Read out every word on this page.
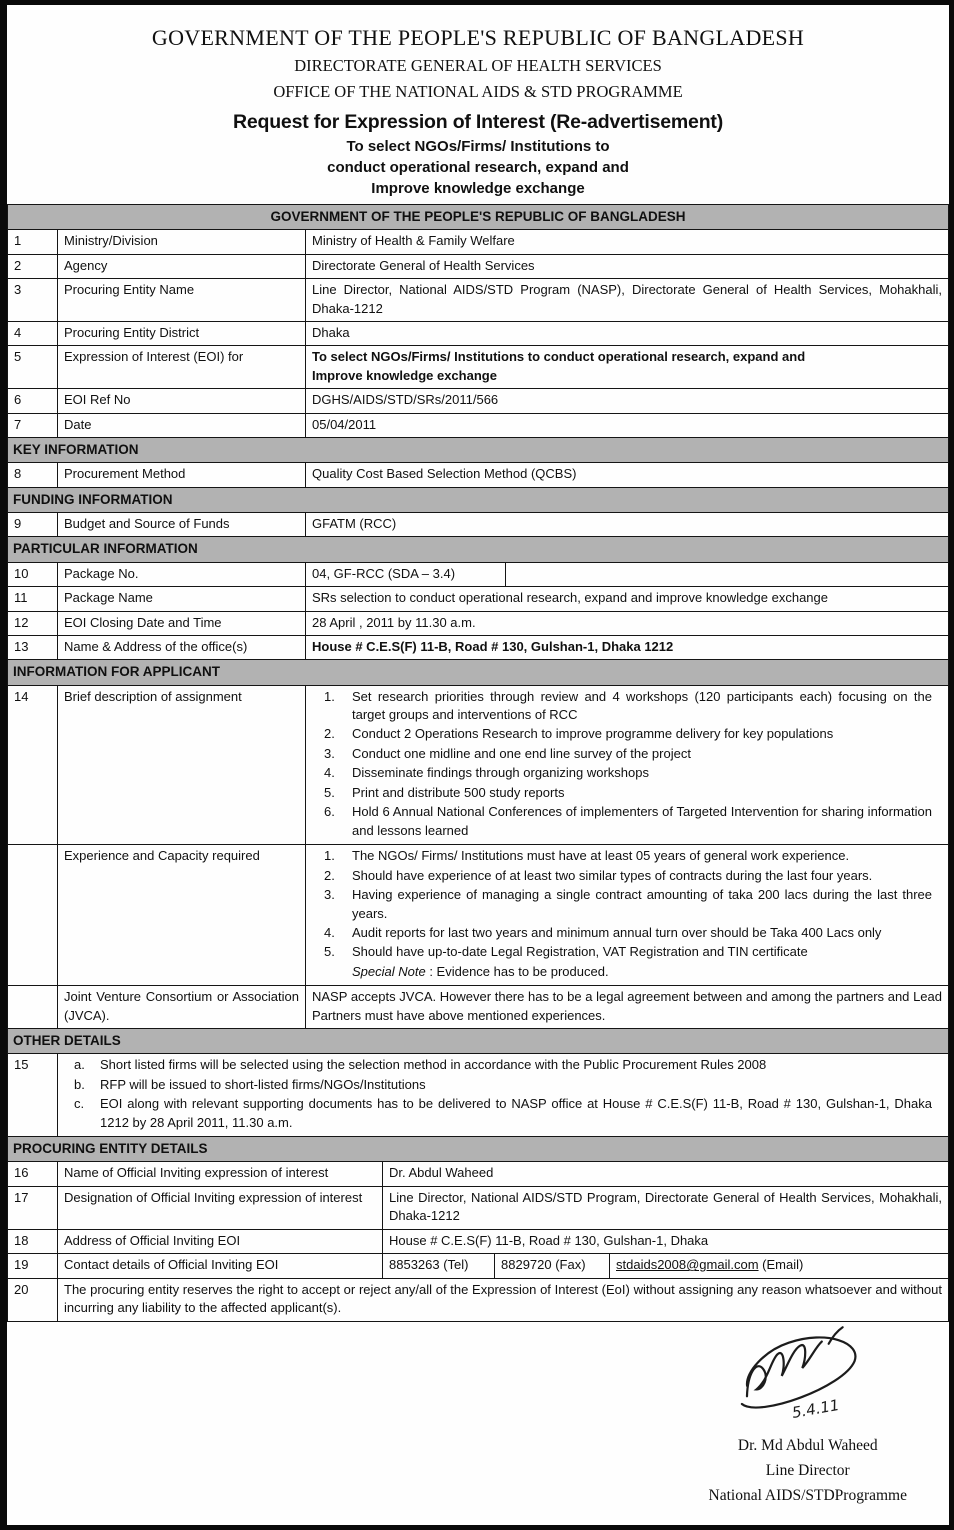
GOVERNMENT OF THE PEOPLE'S REPUBLIC OF BANGLADESH
DIRECTORATE GENERAL OF HEALTH SERVICES
OFFICE OF THE NATIONAL AIDS & STD PROGRAMME
Request for Expression of Interest (Re-advertisement)
To select NGOs/Firms/ Institutions to
conduct operational research, expand and
Improve knowledge exchange
GOVERNMENT OF THE PEOPLE'S REPUBLIC OF BANGLADESH			
1	Ministry/Division	Ministry of Health & Family Welfare	
2	Agency	Directorate General of Health Services	
3	Procuring Entity Name	Line Director, National AIDS/STD Program (NASP), Directorate General of Health Services, Mohakhali, Dhaka-1212	
4	Procuring Entity District	Dhaka	
5	Expression of Interest (EOI) for	To select NGOs/Firms/ Institutions to conduct operational research, expand and
Improve knowledge exchange	

6	EOI Ref No	DGHS/AIDS/STD/SRs/2011/566	
7	Date	05/04/2011	
KEY INFORMATION			
8	Procurement Method	Quality Cost Based Selection Method (QCBS)	
FUNDING INFORMATION			
9	Budget and Source of Funds	GFATM (RCC)	
PARTICULAR INFORMATION			
10	Package No.	04, GF-RCC (SDA – 3.4)	
11	Package Name	SRs selection to conduct operational research, expand and improve knowledge exchange	
12	EOI Closing Date and Time	28 April , 2011 by 11.30 a.m.	
13	Name & Address of the office(s)	House # C.E.S(F) 11-B, Road # 130, Gulshan-1, Dhaka 1212	
INFORMATION FOR APPLICANT			
14	Brief description of assignment	Set research priorities through review and 4 workshops (120 participants each) focusing on the target groups and interventions of RCC
Conduct 2 Operations Research to improve programme delivery for key populations
Conduct one midline and one end line survey of the project
Disseminate findings through organizing workshops
Print and distribute 500 study reports
Hold 6 Annual National Conferences of implementers of Targeted Intervention for sharing information and lessons learned

	Experience and Capacity required	The NGOs/ Firms/ Institutions must have at least 05 years of general work experience.
Should have experience of at least two similar types of contracts during the last four years.
Having experience of managing a single contract amounting of taka 200 lacs during the last three years.
Audit reports for last two years and minimum annual turn over should be Taka 400 Lacs only
Should have up-to-date Legal Registration, VAT Registration and TIN certificate
Special Note : Evidence has to be produced.

	Joint Venture Consortium or Association (JVCA).	NASP accepts JVCA. However there has to be a legal agreement between and among the partners and Lead Partners must have above mentioned experiences.	
OTHER DETAILS
15	Short listed firms will be selected using the selection method in accordance with the Public Procurement Rules 2008
RFP will be issued to short-listed firms/NGOs/Institutions
EOI along with relevant supporting documents has to be delivered to NASP office at House # C.E.S(F) 11-B, Road # 130, Gulshan-1, Dhaka 1212 by 28 April 2011, 11.30 a.m.
PROCURING ENTITY DETAILS				
16	Name of Official Inviting expression of interest	Dr. Abdul Waheed		
17	Designation of Official Inviting expression of interest	Line Director, National AIDS/STD Program, Directorate General of Health Services, Mohakhali, Dhaka-1212		
18	Address of Official Inviting EOI	House # C.E.S(F) 11-B, Road # 130, Gulshan-1, Dhaka		
19	Contact details of Official Inviting EOI	8853263 (Tel)	8829720 (Fax)	stdaids2008@gmail.com (Email)
20	The procuring entity reserves the right to accept or reject any/all of the Expression of Interest (EoI) without assigning any reason whatsoever and without incurring any liability to the affected applicant(s).			
5.4.11
Dr. Md Abdul Waheed
Line Director
National AIDS/STDProgramme
